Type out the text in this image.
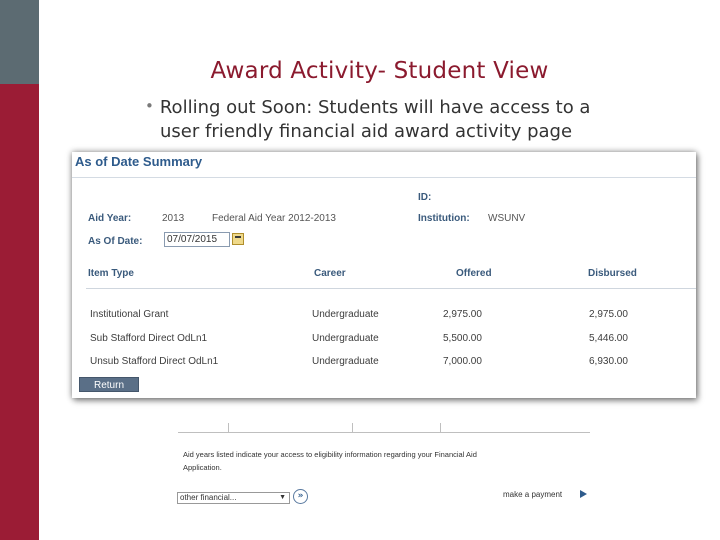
Award Activity- Student View
• Rolling out Soon: Students will have access to a
user friendly financial aid award activity page
As of Date Summary
ID:
Aid Year:	2013	Federal Aid Year 2012-2013	Institution: WSUNV
As Of Date:
07/07/2015
Item Type	Career	Offered	Disbursed
Institutional Grant	Undergraduate	2,975.00	2,975.00
Sub Stafford Direct OdLn1	Undergraduate	5,500.00	5,446.00
Unsub Stafford Direct OdLn1	Undergraduate	7,000.00	6,930.00
Return
Aid years listed indicate your access to eligibility information regarding your Financial Aid
Application.
other financial...	▼	»	make a payment
